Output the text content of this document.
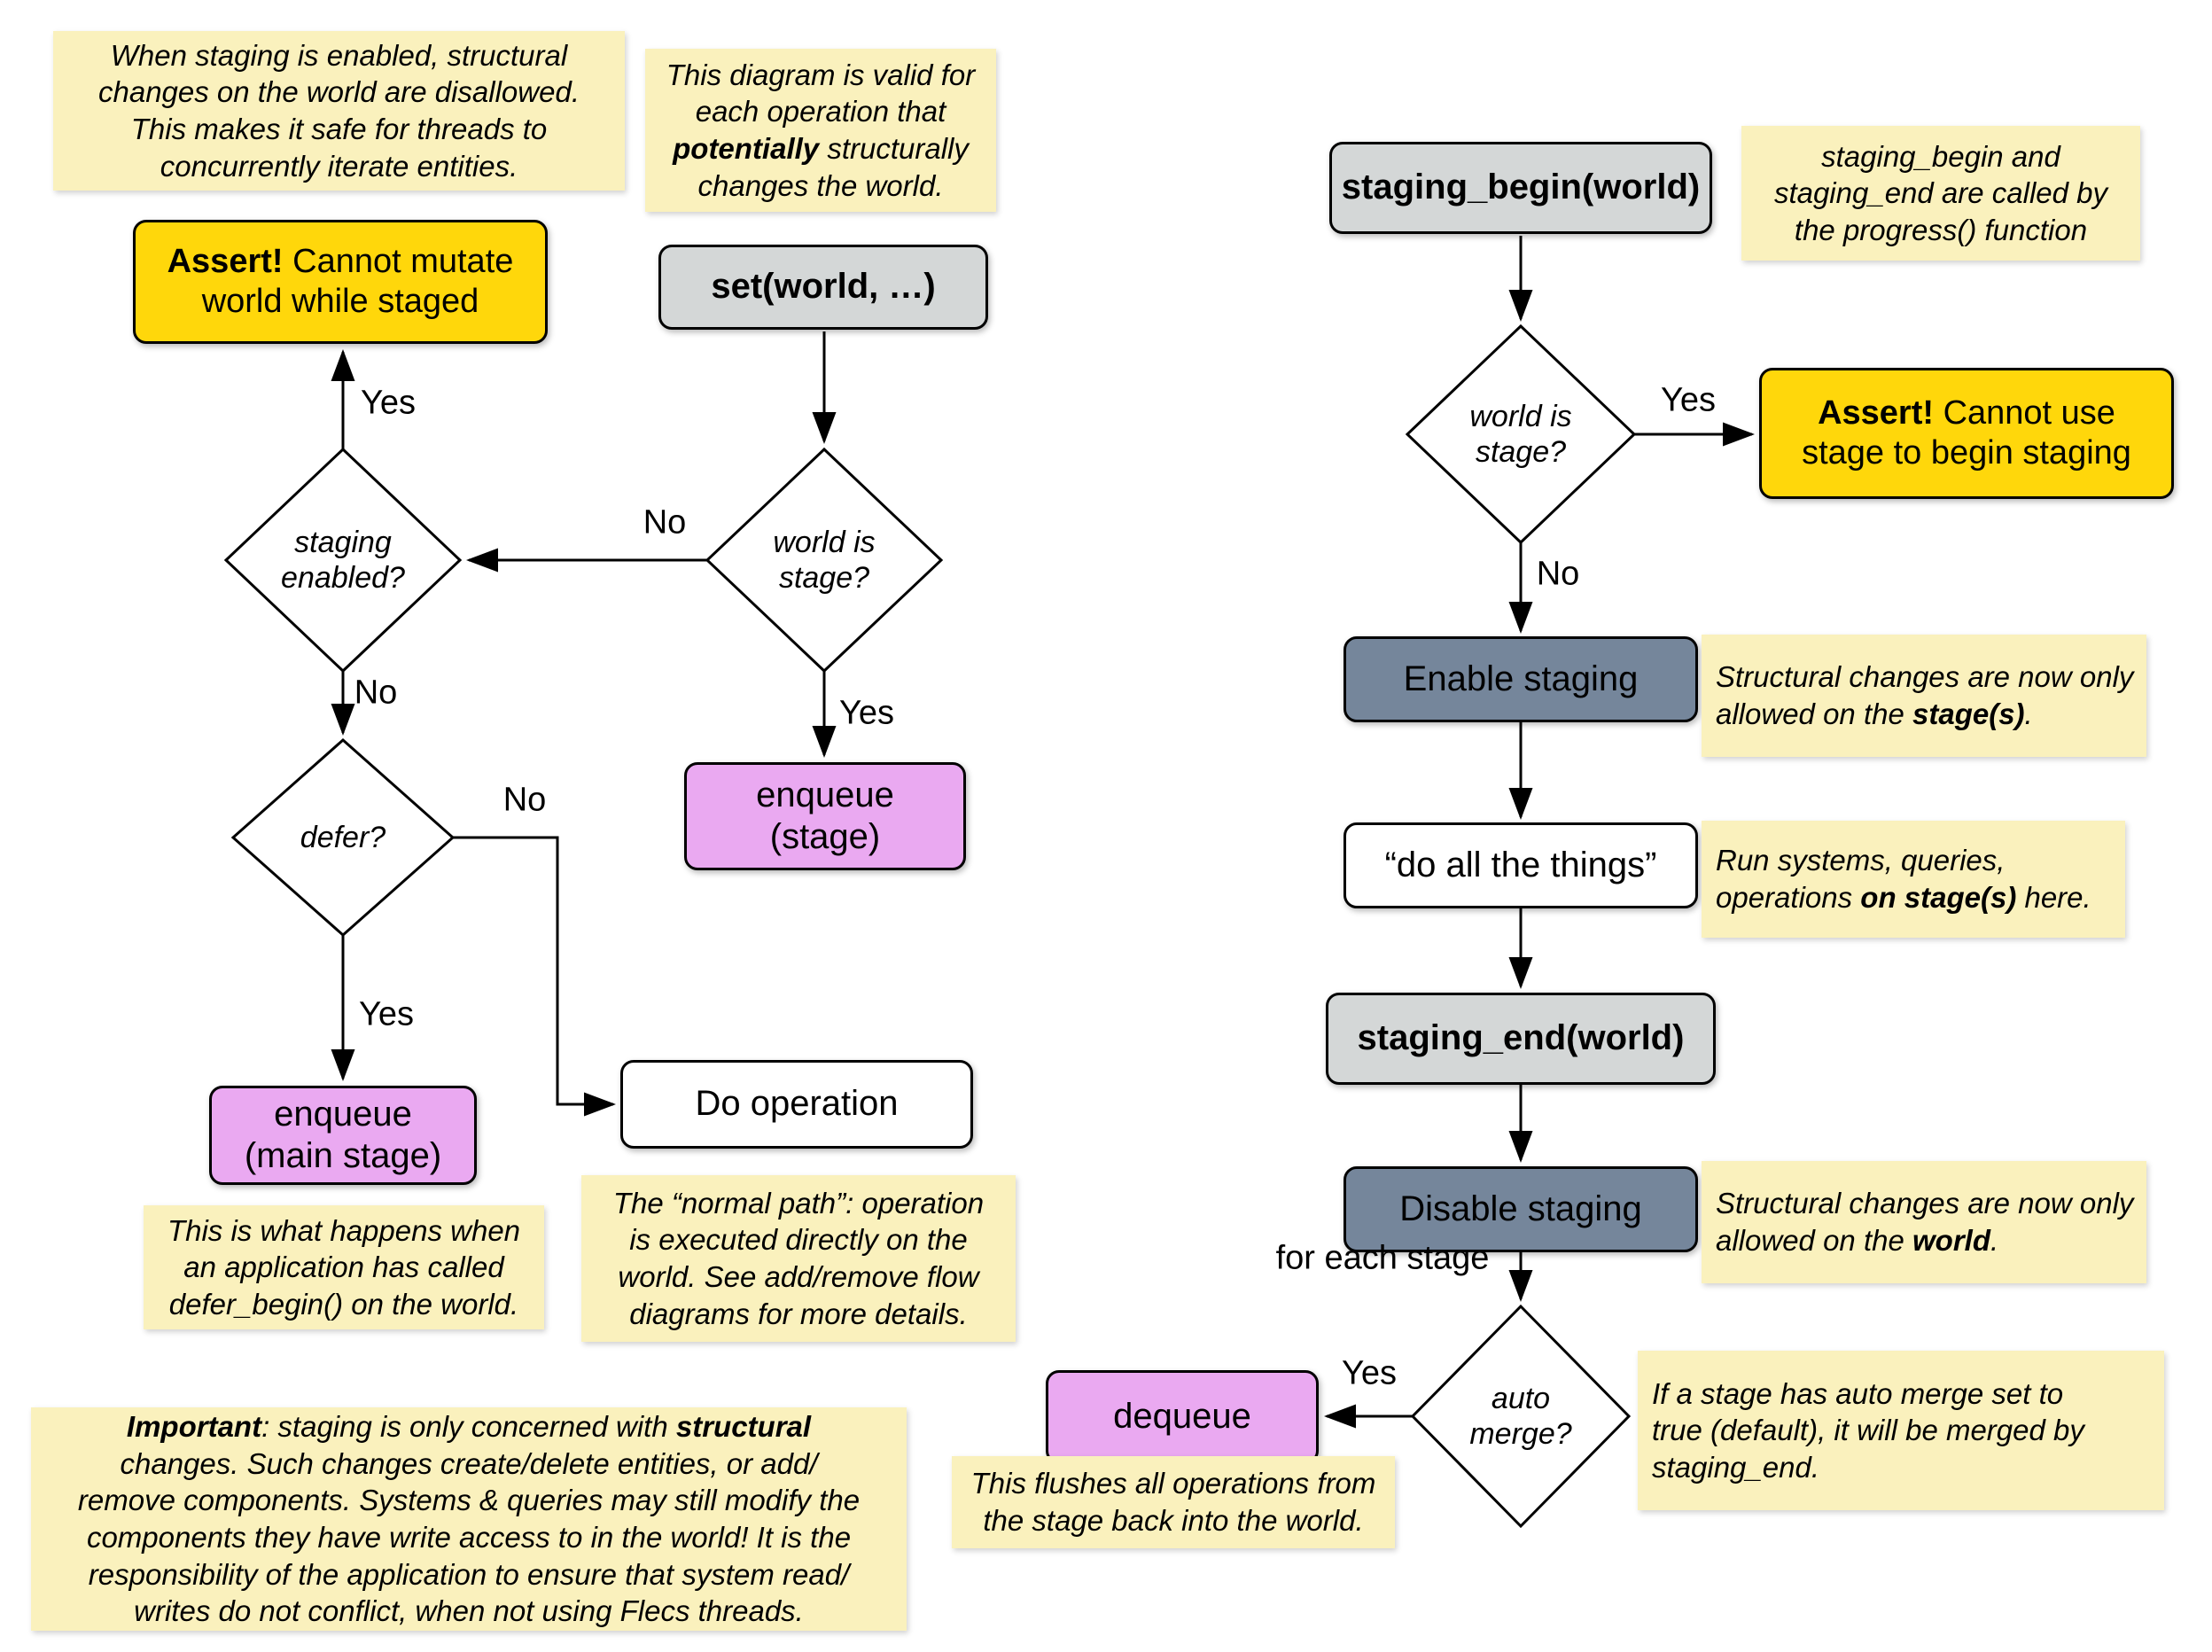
When staging is enabled, structural
changes on the world are disallowed.
This makes it safe for threads to
concurrently iterate entities.
This diagram is valid for
each operation that
potentially structurally
changes the world.
Assert! Cannot mutate
world while staged	set(world, …)
staging
enabled?
world is
stage?
defer?
Yes
No
No
Yes
No
Yes
enqueue
(stage)
enqueue
(main stage)
Do operation
This is what happens when
an application has called
defer_begin() on the world.
The “normal path”: operation
is executed directly on the
world. See add/remove flow
diagrams for more details.
Important: staging is only concerned with structural
changes. Such changes create/delete entities, or add/
remove components. Systems & queries may still modify the
components they have write access to in the world! It is the
responsibility of the application to ensure that system read/
writes do not conflict, when not using Flecs threads.
staging_begin(world)
staging_begin and
staging_end are called by
the progress() function
world is
stage?
Yes
No
Assert! Cannot use
stage to begin staging
Enable staging	Structural changes are now only
allowed on the stage(s).
“do all the things” Run systems, queries,
operations on stage(s) here.
staging_end(world)
Disable staging	Structural changes are now only
allowed on the world.
for each stage
auto
merge?
Yes
dequeue
This flushes all operations from
the stage back into the world.
If a stage has auto merge set to
true (default), it will be merged by
staging_end.
